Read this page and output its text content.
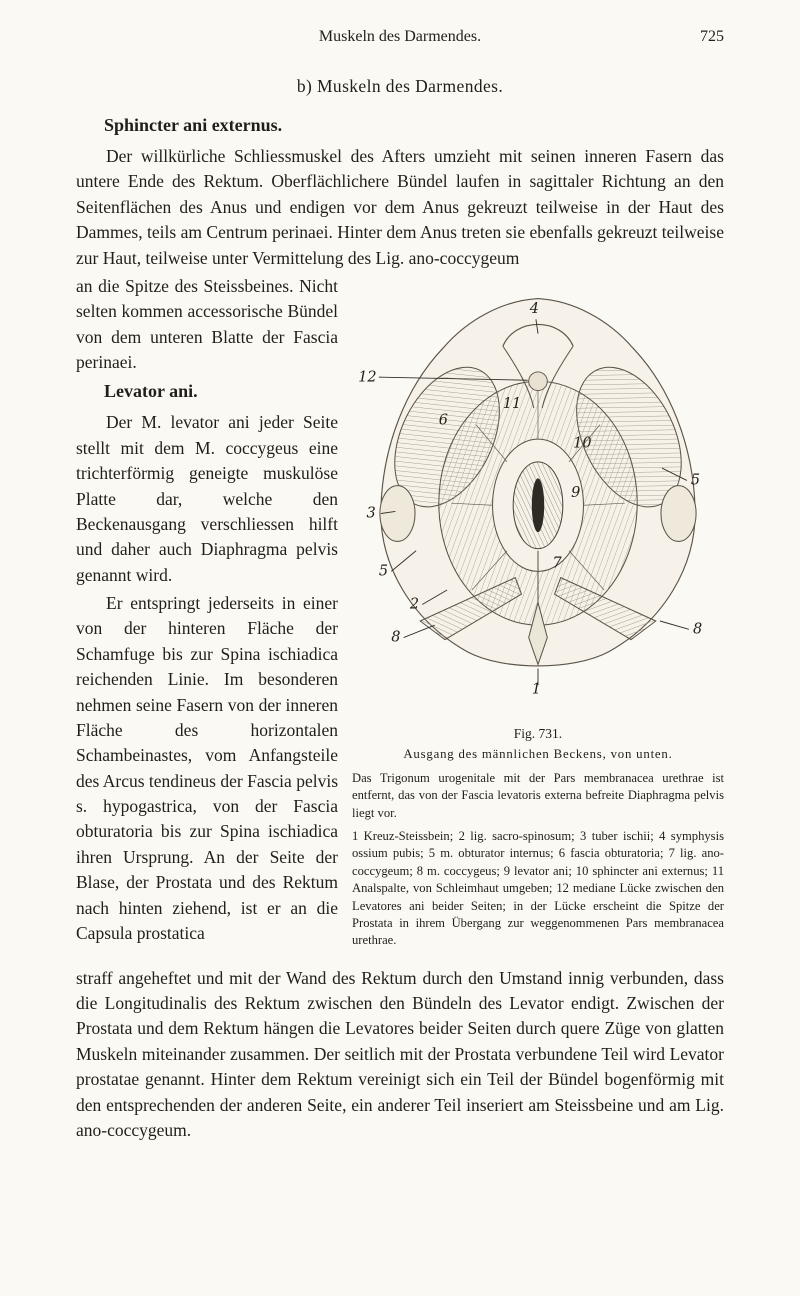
Muskeln des Darmendes.	725
b) Muskeln des Darmendes.
Sphincter ani externus.

Der willkürliche Schliessmuskel des Afters umzieht mit seinen inneren Fasern das untere Ende des Rektum. Oberflächlichere Bündel laufen in sagittaler Richtung an den Seitenflächen des Anus und endigen vor dem Anus gekreuzt teilweise in der Haut des Dammes, teils am Centrum perinaei. Hinter dem Anus treten sie ebenfalls gekreuzt teilweise zur Haut, teilweise unter Vermittelung des Lig. ano-coccygeum

4
12
11
6
10
9
7
3
5
2
8
5
8
1
Fig. 731.
Ausgang des männlichen Beckens, von unten.

Das Trigonum urogenitale mit der Pars membranacea urethrae ist entfernt, das von der Fascia levatoris externa befreite Diaphragma pelvis liegt vor.

1 Kreuz-Steissbein; 2 lig. sacro-spinosum; 3 tuber ischii; 4 symphysis ossium pubis; 5 m. obturator internus; 6 fascia obturatoria; 7 lig. ano-coccygeum; 8 m. coccygeus; 9 levator ani; 10 sphincter ani externus; 11 Analspalte, von Schleimhaut umgeben; 12 mediane Lücke zwischen den Levatores ani beider Seiten; in der Lücke erscheint die Spitze der Prostata in ihrem Übergang zur weggenommenen Pars membranacea urethrae.

an die Spitze des Steissbeines. Nicht selten kommen accessorische Bündel von dem unteren Blatte der Fascia perinaei.

Levator ani.

Der M. levator ani jeder Seite stellt mit dem M. coccygeus eine trichterförmig geneigte muskulöse Platte dar, welche den Beckenausgang verschliessen hilft und daher auch Diaphragma pelvis genannt wird.

Er entspringt jederseits in einer von der hinteren Fläche der Schamfuge bis zur Spina ischiadica reichenden Linie. Im besonderen nehmen seine Fasern von der inneren Fläche des horizontalen Schambeinastes, vom Anfangsteile des Arcus tendineus der Fascia pelvis s. hypogastrica, von der Fascia obturatoria bis zur Spina ischiadica ihren Ursprung. An der Seite der Blase, der Prostata und des Rektum nach hinten ziehend, ist er an die Capsula prostatica

straff angeheftet und mit der Wand des Rektum durch den Umstand innig verbunden, dass die Longitudinalis des Rektum zwischen den Bündeln des Levator endigt. Zwischen der Prostata und dem Rektum hängen die Levatores beider Seiten durch quere Züge von glatten Muskeln miteinander zusammen. Der seitlich mit der Prostata verbundene Teil wird Levator prostatae genannt. Hinter dem Rektum vereinigt sich ein Teil der Bündel bogenförmig mit den entsprechenden der anderen Seite, ein anderer Teil inseriert am Steissbeine und am Lig. ano-coccygeum.
